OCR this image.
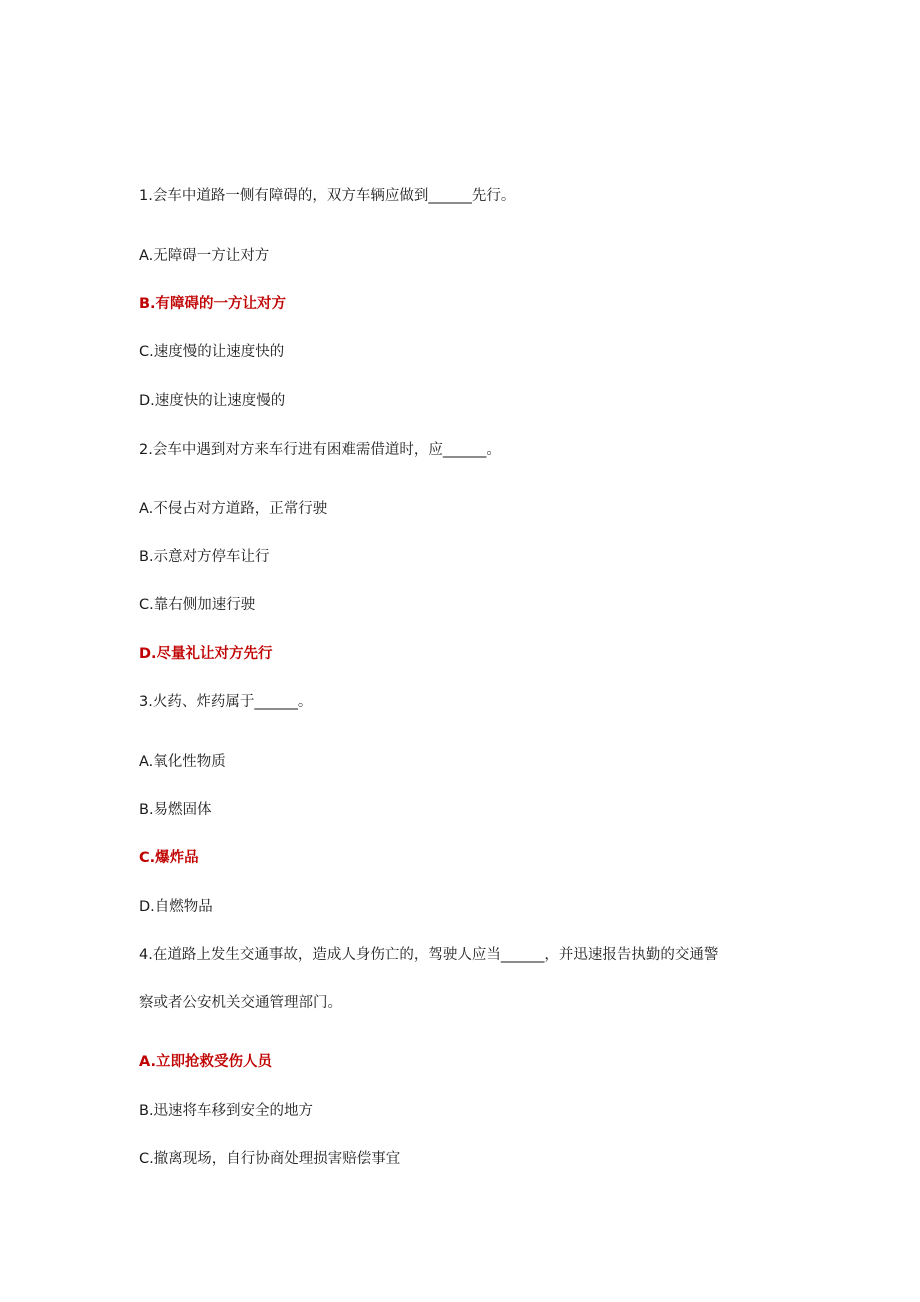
1.会车中道路一侧有障碍的，双方车辆应做到______先行。
A.无障碍一方让对方
B.有障碍的一方让对方
C.速度慢的让速度快的
D.速度快的让速度慢的
2.会车中遇到对方来车行进有困难需借道时，应______。
A.不侵占对方道路，正常行驶
B.示意对方停车让行
C.靠右侧加速行驶
D.尽量礼让对方先行
3.火药、炸药属于______。
A.氧化性物质
B.易燃固体
C.爆炸品
D.自燃物品
4.在道路上发生交通事故，造成人身伤亡的，驾驶人应当______，并迅速报告执勤的交通警
察或者公安机关交通管理部门。
A.立即抢救受伤人员
B.迅速将车移到安全的地方
C.撤离现场，自行协商处理损害赔偿事宜
